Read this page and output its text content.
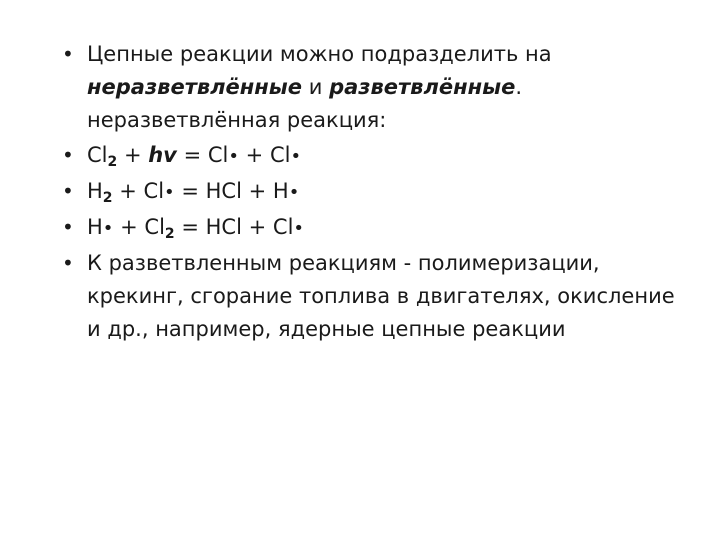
• Цепные реакции можно подразделить на
неразветвлённые и разветвлённые.
неразветвлённая реакция:
• $Cl_2$ + hv = Cl• + Cl•
• $H_2$ + Cl• = HCl + H•
• H• + $Cl_2$ = HCl + Cl•
• К разветвленным реакциям - полимеризации, крекинг, сгорание топлива в двигателях, окисление и др., например, ядерные цепные реакции
